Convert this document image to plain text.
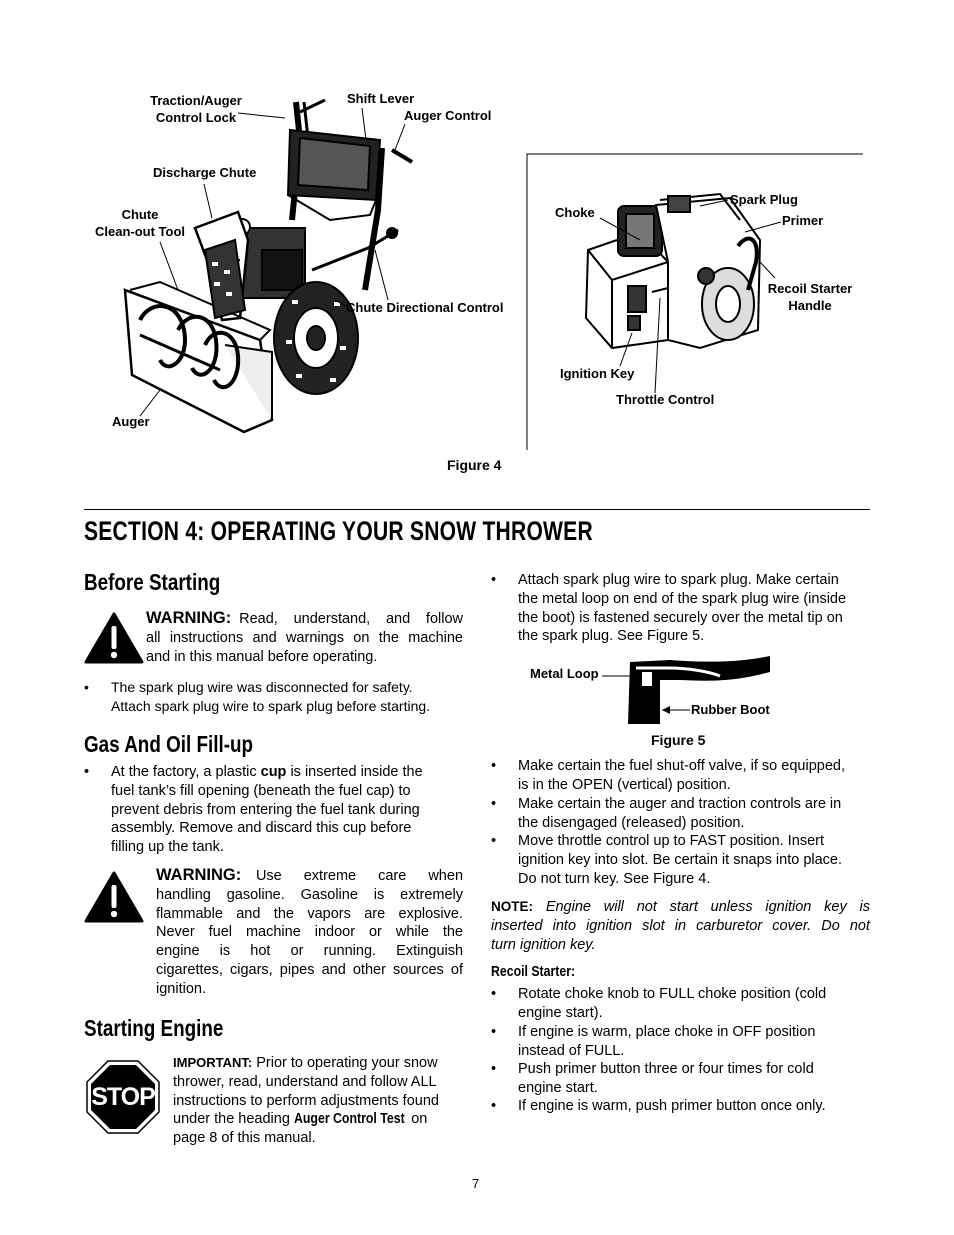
Traction/Auger
Control Lock
Shift Lever
Auger Control
Discharge Chute
Chute
Clean-out Tool
Chute Directional Control
Auger
Choke
Spark Plug
Primer
Recoil Starter
Handle
Ignition Key
Throttle Control
Figure 4
SECTION 4: OPERATING YOUR SNOW THROWER
Before Starting
WARNING: Read,  understand,  and  follow
all instructions and warnings on the machine
and in this manual before operating.
• The spark plug wire was disconnected for safety.
Attach spark plug wire to spark plug before starting.
Gas And Oil Fill-up
• At the factory, a plastic cup is inserted inside the
fuel tank’s fill opening (beneath the fuel cap) to
prevent debris from entering the fuel tank during
assembly. Remove and discard this cup before
filling up the tank.
WARNING: Use   extreme   care   when
handling  gasoline.  Gasoline  is  extremely
flammable  and  the  vapors  are  explosive.
Never  fuel  machine  indoor  or  while  the
engine     is     hot     or     running.     Extinguish
cigarettes, cigars, pipes and other sources of
ignition.
Starting Engine
STOP
IMPORTANT: Prior to operating your snow
thrower, read, understand and follow ALL
instructions to perform adjustments found
under the heading Auger Control Test on
page 8 of this manual.
• Attach spark plug wire to spark plug. Make certain
the metal loop on end of the spark plug wire (inside
the boot) is fastened securely over the metal tip on
the spark plug. See Figure 5.
Metal Loop
Rubber Boot
Figure 5
• Make certain the fuel shut-off valve, if so equipped,
is in the OPEN (vertical) position.
• Make certain the auger and traction controls are in
the disengaged (released) position.
• Move throttle control up to FAST position. Insert
ignition key into slot. Be certain it snaps into place.
Do not turn key. See Figure 4.
NOTE: Engine  will  not  start  unless  ignition  key  is
inserted  into  ignition  slot  in  carburetor  cover.  Do  not
turn ignition key.
Recoil Starter:
• Rotate choke knob to FULL choke position (cold
engine start).
• If engine is warm, place choke in OFF position
instead of FULL.
• Push primer button three or four times for cold
engine start.
• If engine is warm, push primer button once only.
7
